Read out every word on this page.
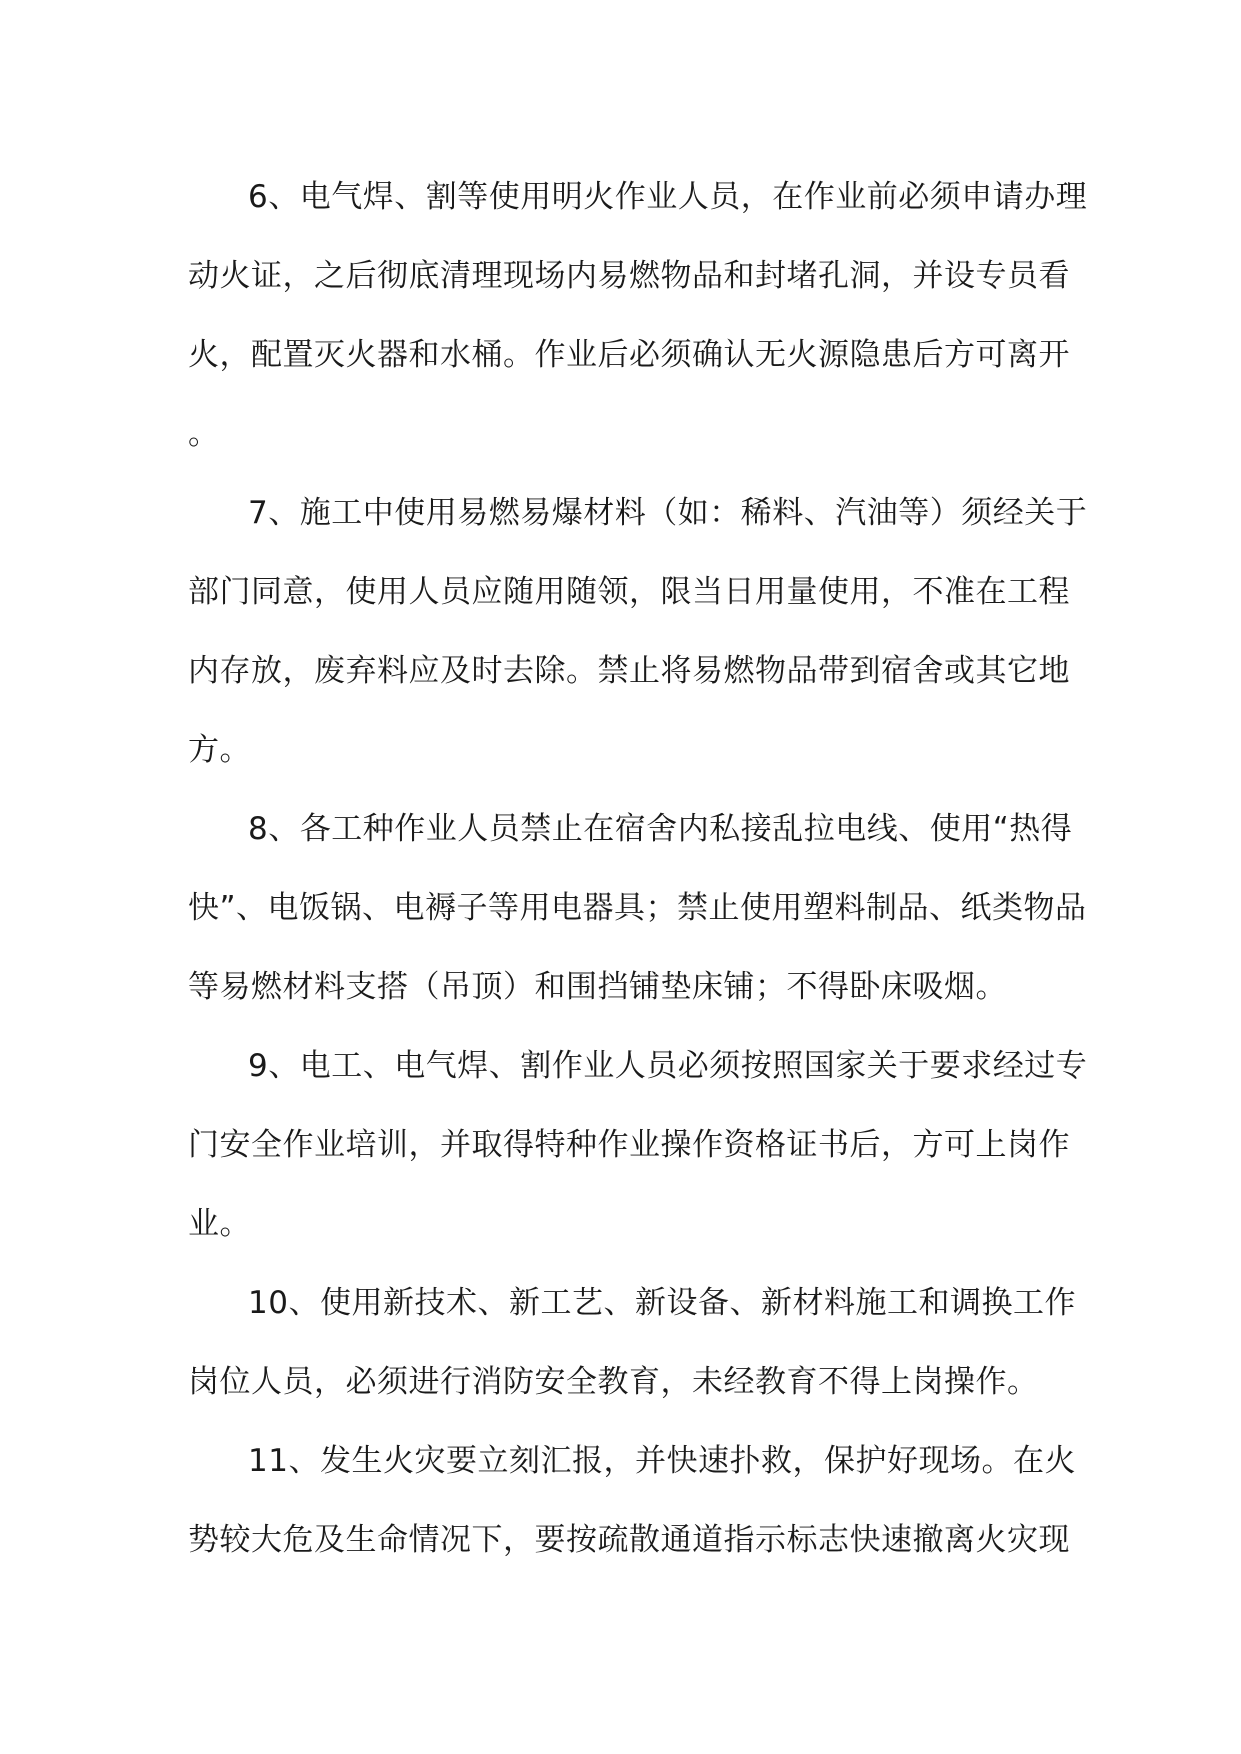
6、电气焊、割等使用明火作业人员，在作业前必须申请办理
动火证，之后彻底清理现场内易燃物品和封堵孔洞，并设专员看
火，配置灭火器和水桶。作业后必须确认无火源隐患后方可离开
。
7、施工中使用易燃易爆材料（如：稀料、汽油等）须经关于
部门同意，使用人员应随用随领，限当日用量使用，不准在工程
内存放，废弃料应及时去除。禁止将易燃物品带到宿舍或其它地
方。
8、各工种作业人员禁止在宿舍内私接乱拉电线、使用“热得
快”、电饭锅、电褥子等用电器具；禁止使用塑料制品、纸类物品
等易燃材料支搭（吊顶）和围挡铺垫床铺；不得卧床吸烟。
9、电工、电气焊、割作业人员必须按照国家关于要求经过专
门安全作业培训，并取得特种作业操作资格证书后，方可上岗作
业。
10、使用新技术、新工艺、新设备、新材料施工和调换工作
岗位人员，必须进行消防安全教育，未经教育不得上岗操作。
11、发生火灾要立刻汇报，并快速扑救，保护好现场。在火
势较大危及生命情况下，要按疏散通道指示标志快速撤离火灾现
